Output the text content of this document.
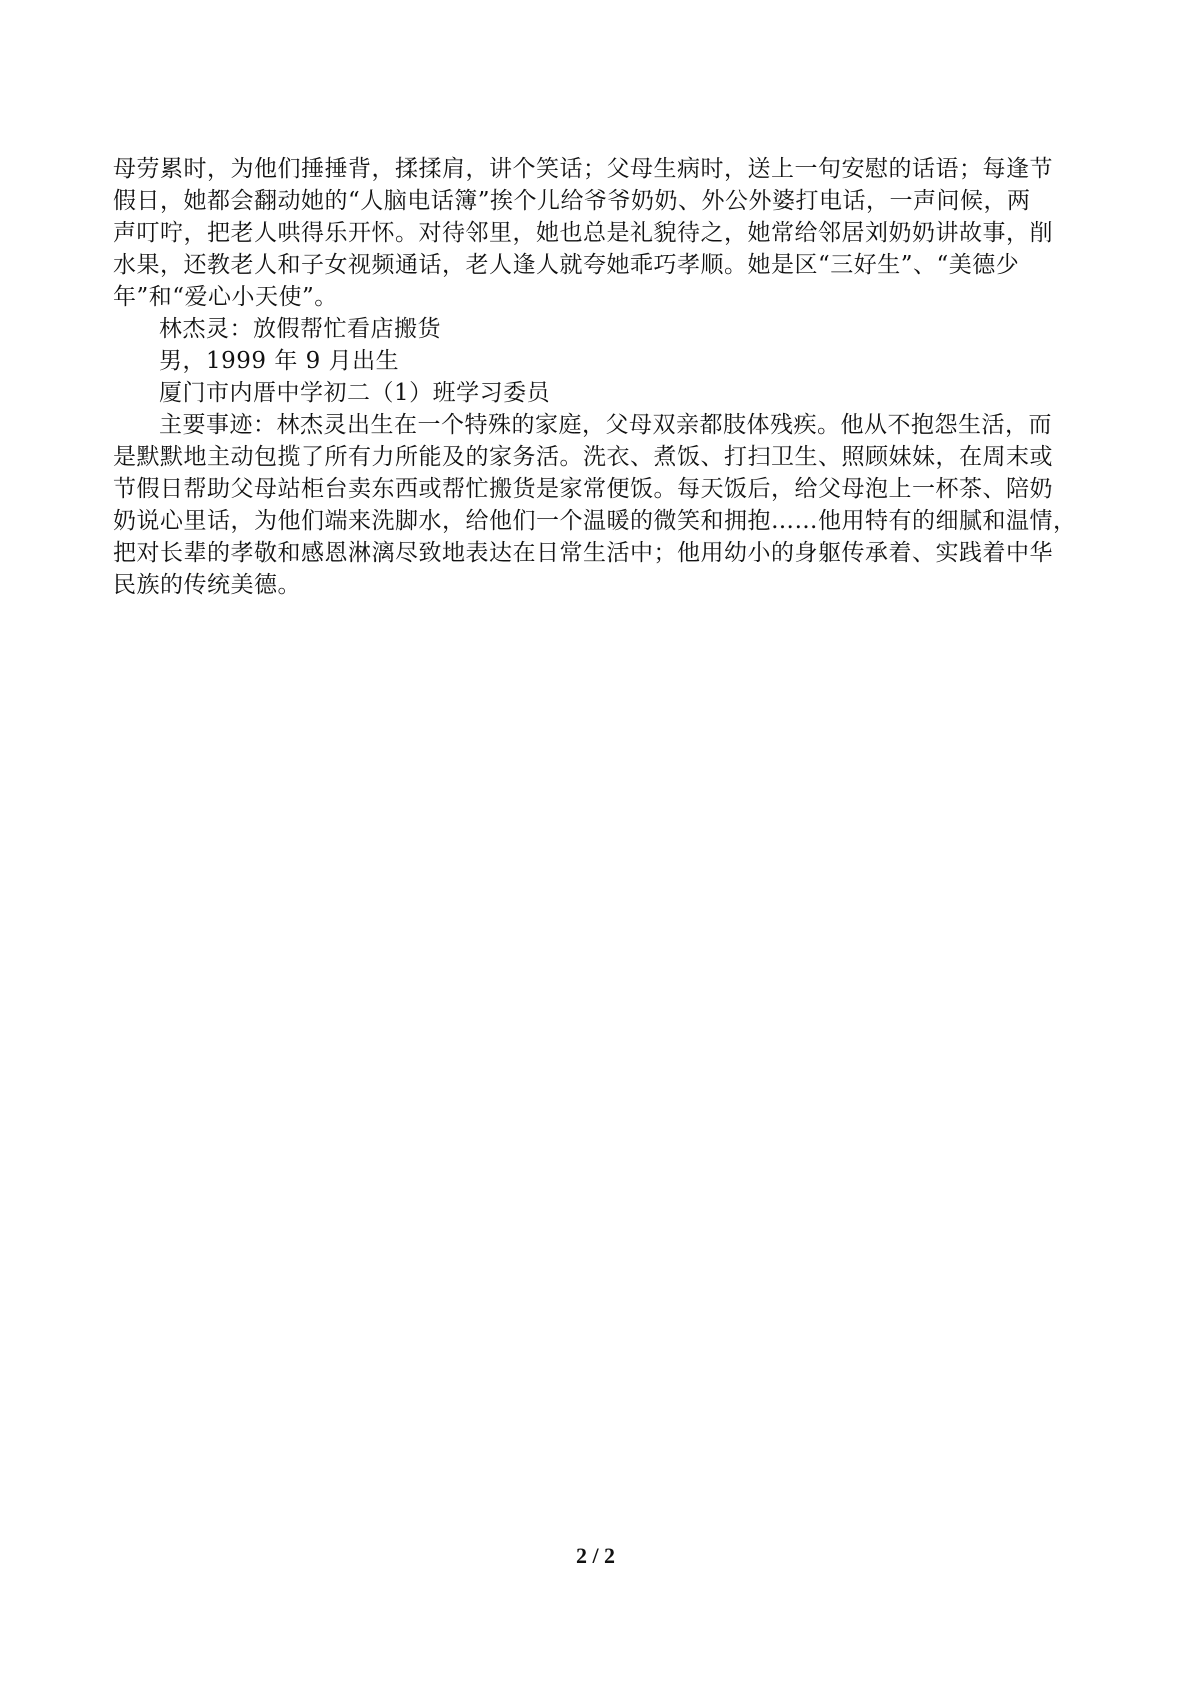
母劳累时，为他们捶捶背，揉揉肩，讲个笑话；父母生病时，送上一句安慰的话语；每逢节
假日，她都会翻动她的“人脑电话簿”挨个儿给爷爷奶奶、外公外婆打电话，一声问候，两
声叮咛，把老人哄得乐开怀。对待邻里，她也总是礼貌待之，她常给邻居刘奶奶讲故事，削
水果，还教老人和子女视频通话，老人逢人就夸她乖巧孝顺。她是区“三好生”、“美德少
年”和“爱心小天使”。
林杰灵：放假帮忙看店搬货
男，1999 年 9 月出生
厦门市内厝中学初二（1）班学习委员
主要事迹：林杰灵出生在一个特殊的家庭，父母双亲都肢体残疾。他从不抱怨生活，而
是默默地主动包揽了所有力所能及的家务活。洗衣、煮饭、打扫卫生、照顾妹妹，在周末或
节假日帮助父母站柜台卖东西或帮忙搬货是家常便饭。每天饭后，给父母泡上一杯茶、陪奶
奶说心里话，为他们端来洗脚水，给他们一个温暖的微笑和拥抱……他用特有的细腻和温情，
把对长辈的孝敬和感恩淋漓尽致地表达在日常生活中；他用幼小的身躯传承着、实践着中华
民族的传统美德。
2 / 2
